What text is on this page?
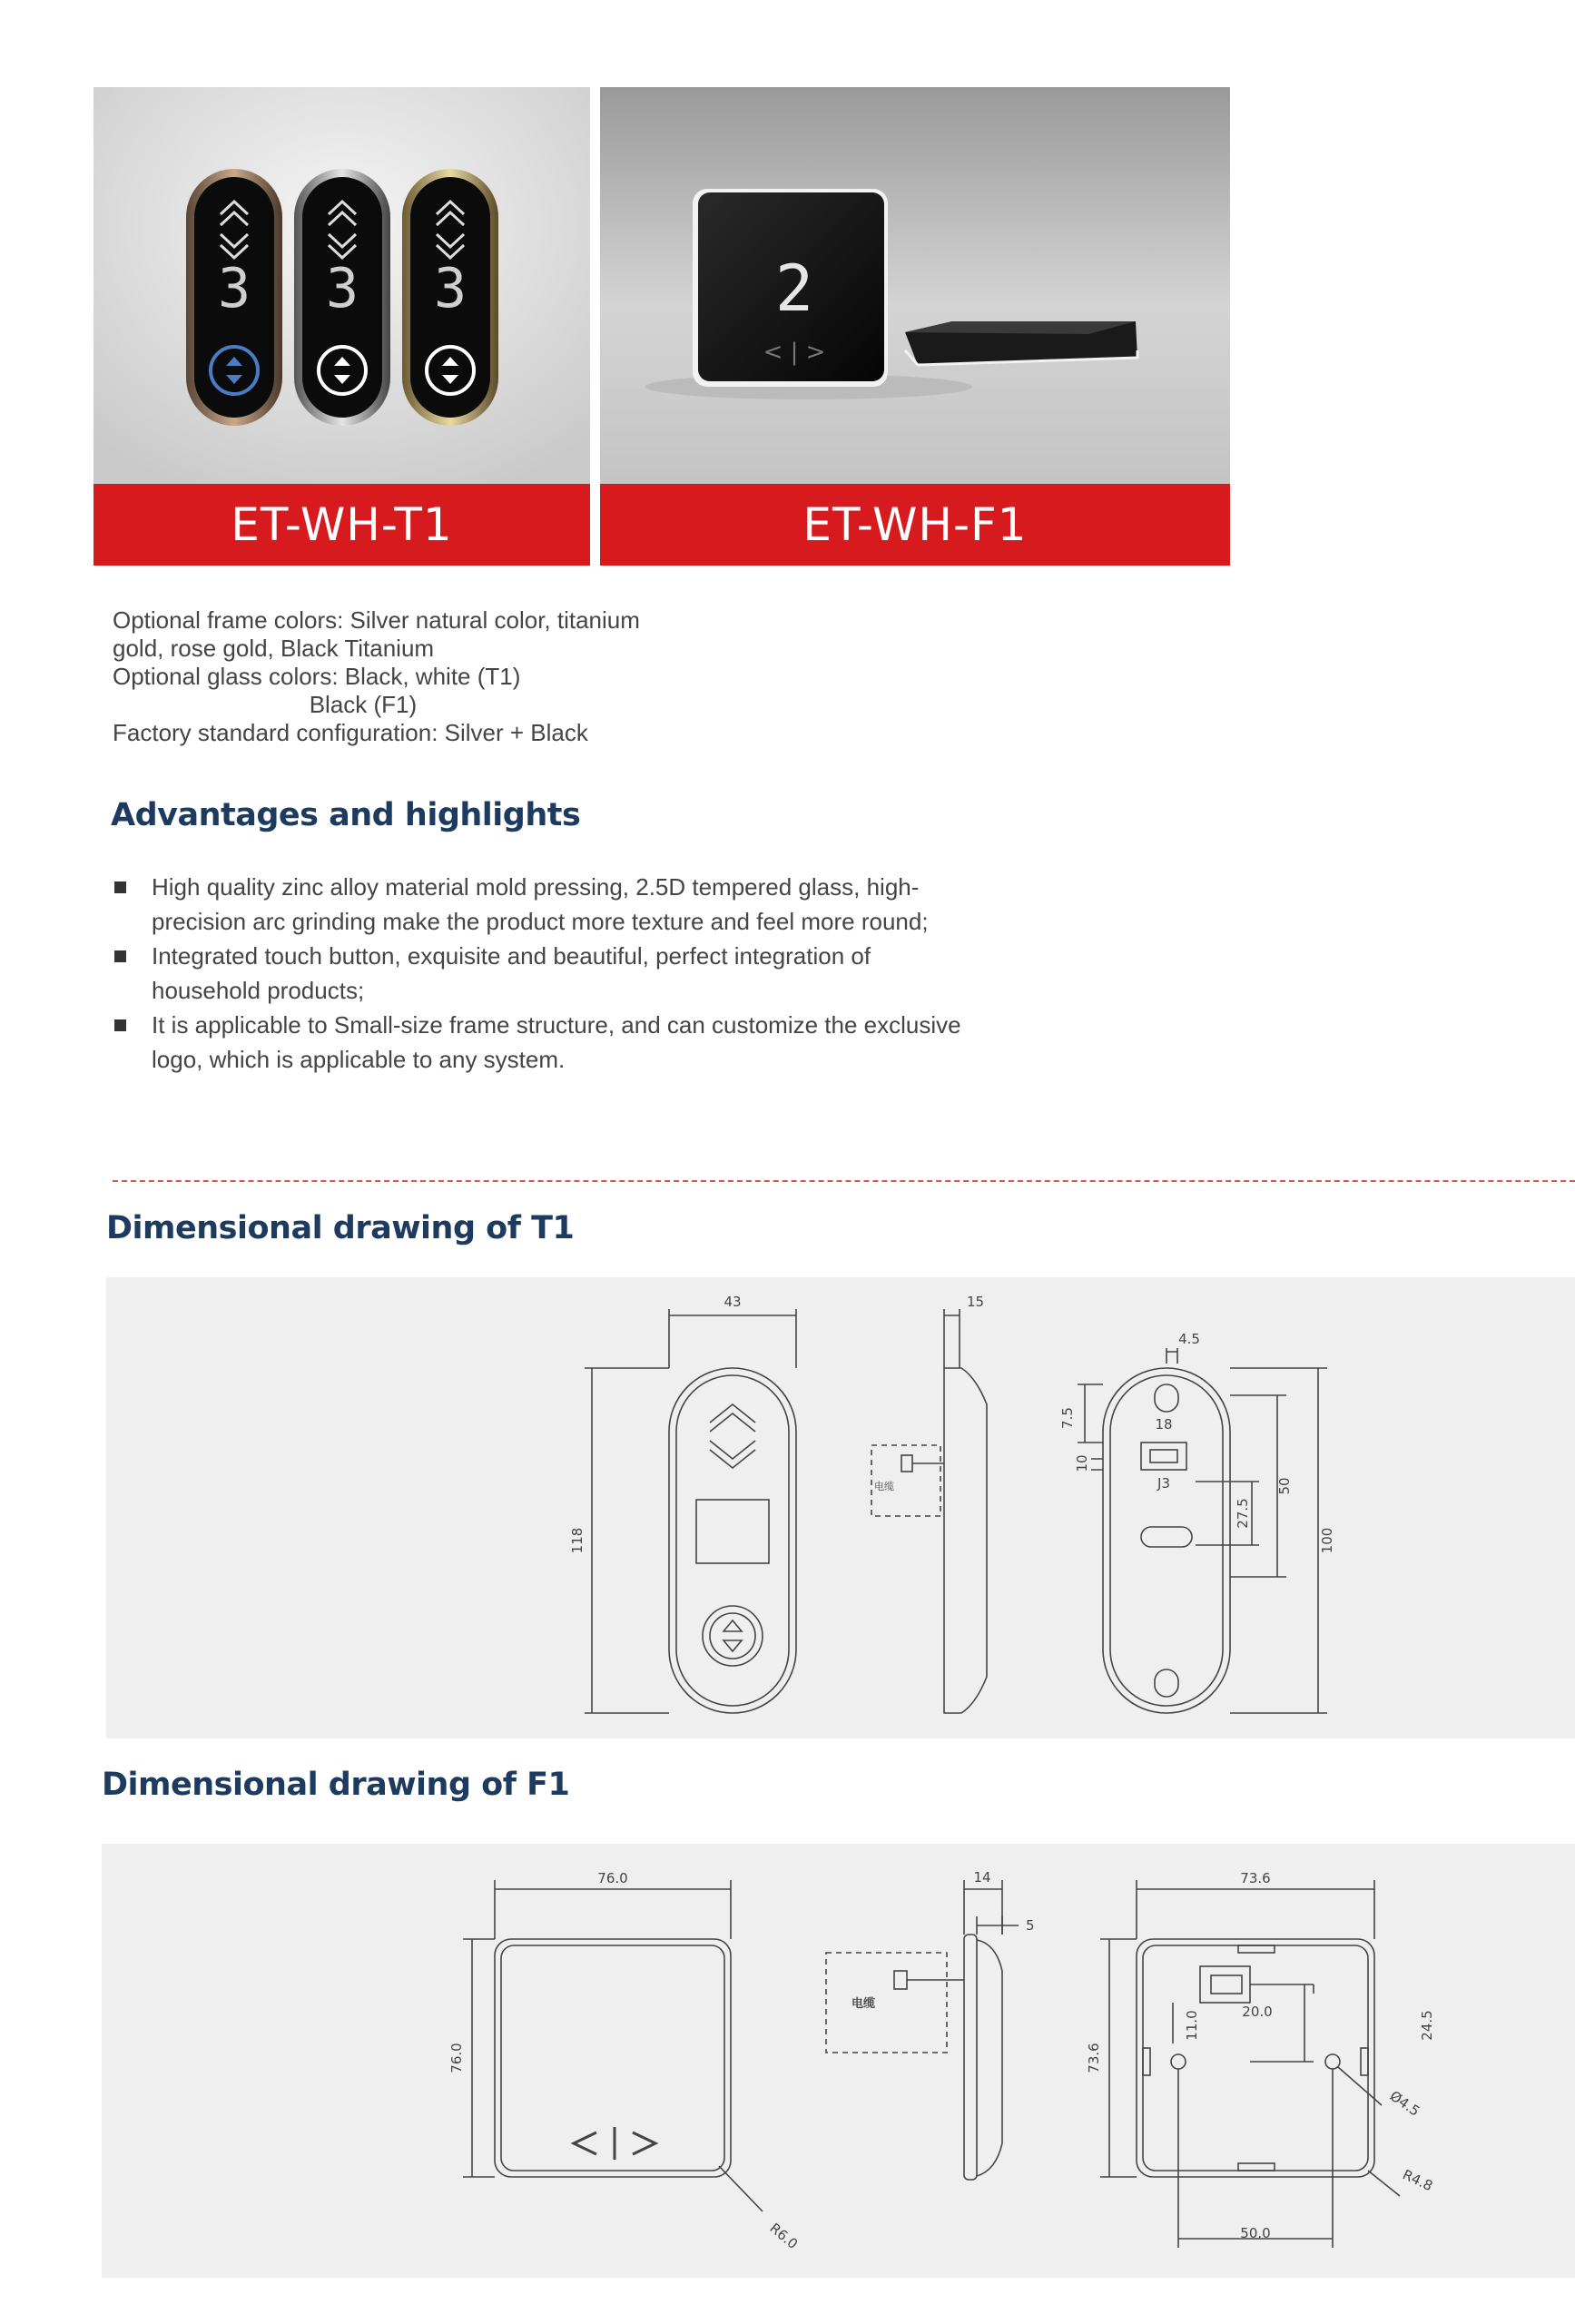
3 3 3
ET-WH-T1
2
< | >
ET-WH-F1
Optional frame colors: Silver natural color, titanium
gold, rose gold, Black Titanium
Optional glass colors: Black, white (T1)
Black (F1)
Factory standard configuration: Silver + Black
Advantages and highlights
High quality zinc alloy material mold pressing, 2.5D tempered glass, high-precision arc grinding make the product more texture and feel more round;
Integrated touch button, exquisite and beautiful, perfect integration of household products;
It is applicable to Small-size frame structure, and can customize the exclusive logo, which is applicable to any system.
Dimensional drawing of T1
43
118
15
电缆
4.5
7.5	18
10
J3	50
27.5
100
Dimensional drawing of F1
76.0
76.0
R6.0
14
5
电缆
73.6
73.6
20.0
11.0	24.5
Ø4.5
R4.8
50.0
